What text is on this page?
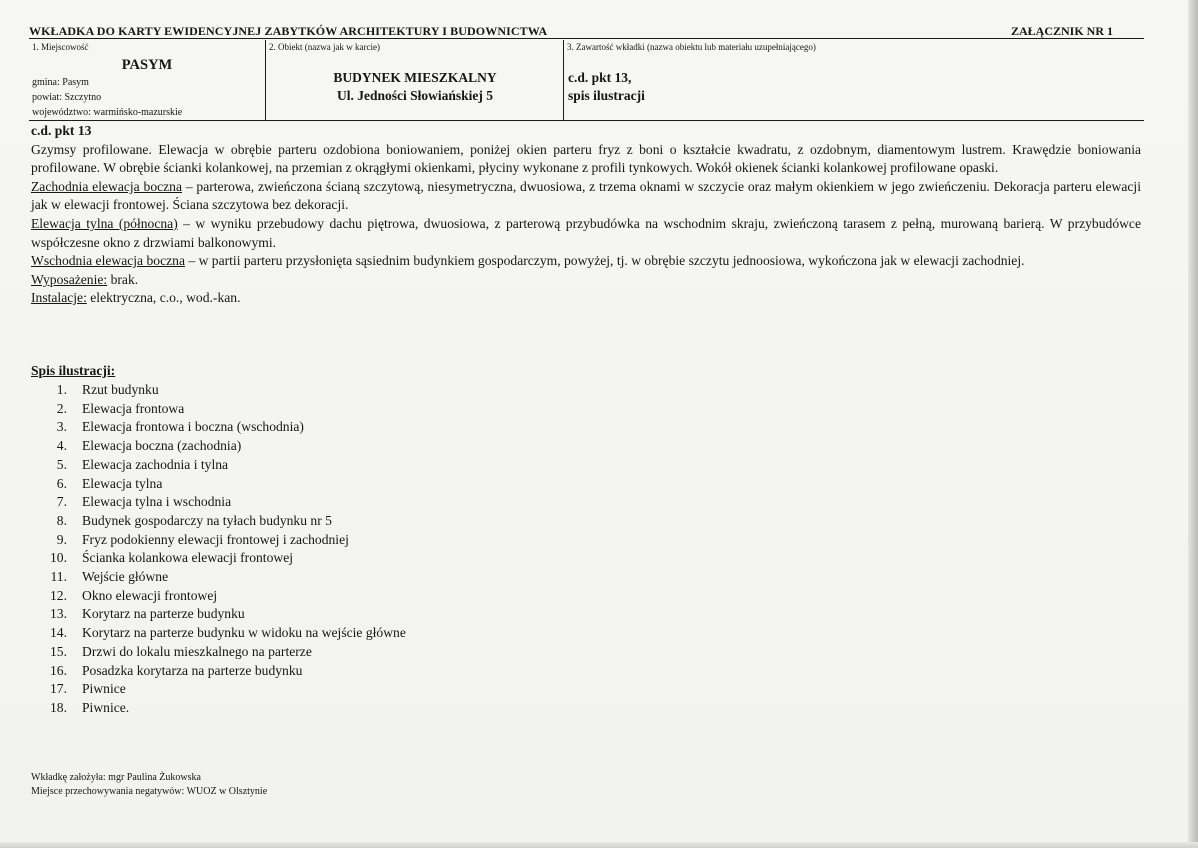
WKŁADKA DO KARTY EWIDENCYJNEJ ZABYTKÓW ARCHITEKTURY I BUDOWNICTWA	ZAŁĄCZNIK NR 1
1. Miejscowość
PASYM
gmina: Pasym
powiat: Szczytno
województwo: warmińsko-mazurskie
2. Obiekt (nazwa jak w karcie)
BUDYNEK MIESZKALNY
Ul. Jedności Słowiańskiej 5
3. Zawartość wkładki (nazwa obiektu lub materiału uzupełniającego)
c.d. pkt 13,
spis ilustracji
c.d. pkt 13
Gzymsy profilowane. Elewacja w obrębie parteru ozdobiona boniowaniem, poniżej okien parteru fryz z boni o kształcie kwadratu, z ozdobnym, diamentowym lustrem. Krawędzie boniowania profilowane. W obrębie ścianki kolankowej, na przemian z okrągłymi okienkami, płyciny wykonane z profili tynkowych. Wokół okienek ścianki kolankowej profilowane opaski.
Zachodnia elewacja boczna – parterowa, zwieńczona ścianą szczytową, niesymetryczna, dwuosiowa, z trzema oknami w szczycie oraz małym okienkiem w jego zwieńczeniu. Dekoracja parteru elewacji jak w elewacji frontowej. Ściana szczytowa bez dekoracji.
Elewacja tylna (północna) – w wyniku przebudowy dachu piętrowa, dwuosiowa, z parterową przybudówka na wschodnim skraju, zwieńczoną tarasem z pełną, murowaną barierą. W przybudówce współczesne okno z drzwiami balkonowymi.
Wschodnia elewacja boczna – w partii parteru przysłonięta sąsiednim budynkiem gospodarczym, powyżej, tj. w obrębie szczytu jednoosiowa, wykończona jak w elewacji zachodniej.
Wyposażenie: brak.
Instalacje: elektryczna, c.o., wod.-kan.
Spis ilustracji:
1. Rzut budynku
2. Elewacja frontowa
3. Elewacja frontowa i boczna (wschodnia)
4. Elewacja boczna (zachodnia)
5. Elewacja zachodnia i tylna
6. Elewacja tylna
7. Elewacja tylna i wschodnia
8. Budynek gospodarczy na tyłach budynku nr 5
9. Fryz podokienny elewacji frontowej i zachodniej
10. Ścianka kolankowa elewacji frontowej
11. Wejście główne
12. Okno elewacji frontowej
13. Korytarz na parterze budynku
14. Korytarz na parterze budynku w widoku na wejście główne
15. Drzwi do lokalu mieszkalnego na parterze
16. Posadzka korytarza na parterze budynku
17. Piwnice
18. Piwnice.
Wkładkę założyła: mgr Paulina Żukowska
Miejsce przechowywania negatywów: WUOZ w Olsztynie
